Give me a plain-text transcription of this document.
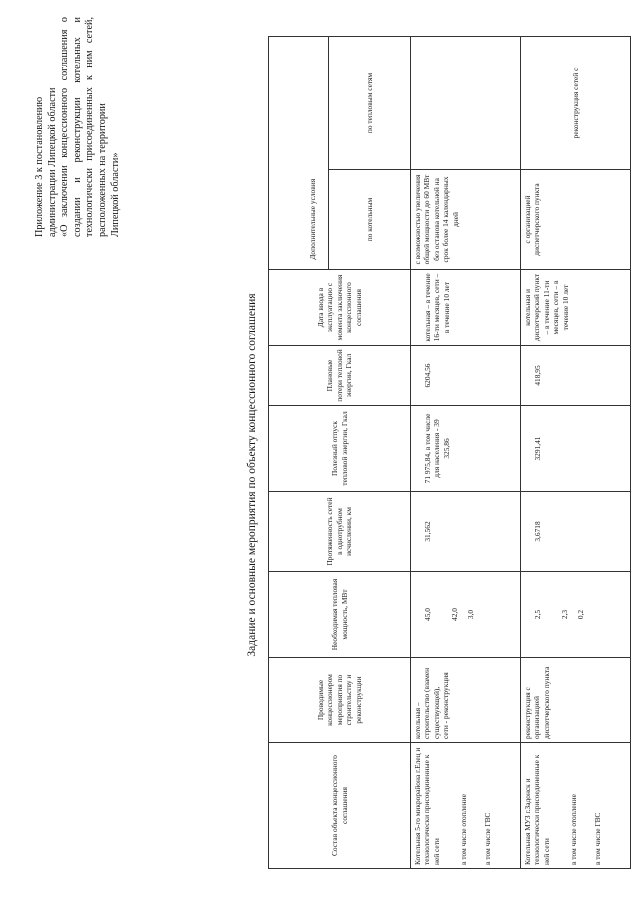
Приложение 3 к постановлению администрации Липецкой области «О заключении концессионного соглашения о создании и реконструкции котельных и технологически присоединенных к ним сетей, расположенных на территории Липецкой области»

Задание и основные мероприятия по объекту концессионного соглашения
Состав объекта концессионного соглашения	Проводимые концессионером мероприятия по строительству и реконструкции	Необходимая тепловая мощность, МВт	Протяженность сетей в однотрубном исчислении, км	Полезный отпуск тепловой энергии, Гкал	Плановые потери тепловой энергии, Гкал	Дата ввода в эксплуатацию с момента заключения концессионного соглашения		
							Дополнительные условия	
							по котельным	по тепловым сетям

Котельная 5-го микрорайона г.Елец и технологически присоединенные к ней сети в том числе отопление в том числе ГВС	котельная – строительство (взамен существующей), сети - реконструкция	45,0 42,0 3,0	31,562	71 975,84, в том числе для населения - 39 325,86	6204,56	котельная – в течение 16-ти месяцев, сети – в течение 10 лет	с возможностью увеличения общей мощности до 60 МВт без останова котельной на срок более 14 календарных дней	

Котельная МУЗ г.Задонск и технологически присоединенные к ней сети в том числе отопление в том числе ГВС	реконструкция с организацией диспетчерского пункта	2,5 2,3 0,2	3,6718	3291,41	418,95	котельная и диспетчерский пункт – в течение 11-ти месяцев, сети – в течение 10 лет	с организацией диспетчерского пункта	реконструкция сетей с
